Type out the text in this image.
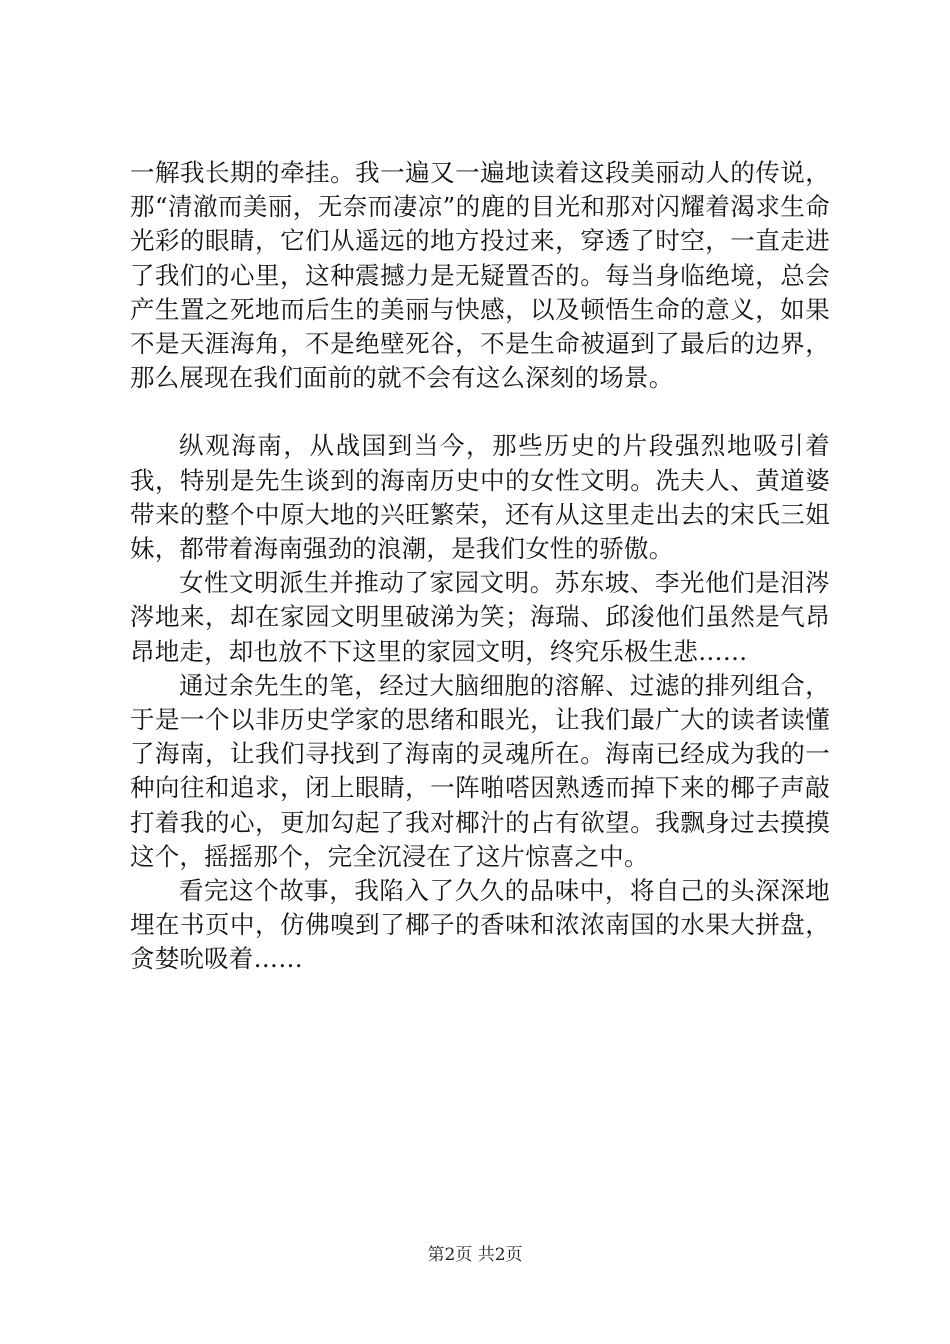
一解我长期的牵挂。我一遍又一遍地读着这段美丽动人的传说，那“清澈而美丽，无奈而凄凉”的鹿的目光和那对闪耀着渴求生命光彩的眼睛，它们从遥远的地方投过来，穿透了时空，一直走进了我们的心里，这种震撼力是无疑置否的。每当身临绝境，总会产生置之死地而后生的美丽与快感，以及顿悟生命的意义，如果不是天涯海角，不是绝壁死谷，不是生命被逼到了最后的边界，那么展现在我们面前的就不会有这么深刻的场景。

纵观海南，从战国到当今，那些历史的片段强烈地吸引着我，特别是先生谈到的海南历史中的女性文明。冼夫人、黄道婆带来的整个中原大地的兴旺繁荣，还有从这里走出去的宋氏三姐妹，都带着海南强劲的浪潮，是我们女性的骄傲。

女性文明派生并推动了家园文明。苏东坡、李光他们是泪涔涔地来，却在家园文明里破涕为笑；海瑞、邱浚他们虽然是气昂昂地走，却也放不下这里的家园文明，终究乐极生悲……

通过余先生的笔，经过大脑细胞的溶解、过滤的排列组合，于是一个以非历史学家的思绪和眼光，让我们最广大的读者读懂了海南，让我们寻找到了海南的灵魂所在。海南已经成为我的一种向往和追求，闭上眼睛，一阵啪嗒因熟透而掉下来的椰子声敲打着我的心，更加勾起了我对椰汁的占有欲望。我飘身过去摸摸这个，摇摇那个，完全沉浸在了这片惊喜之中。

看完这个故事，我陷入了久久的品味中，将自己的头深深地埋在书页中，仿佛嗅到了椰子的香味和浓浓南国的水果大拼盘，贪婪吮吸着……

第2页 共2页
